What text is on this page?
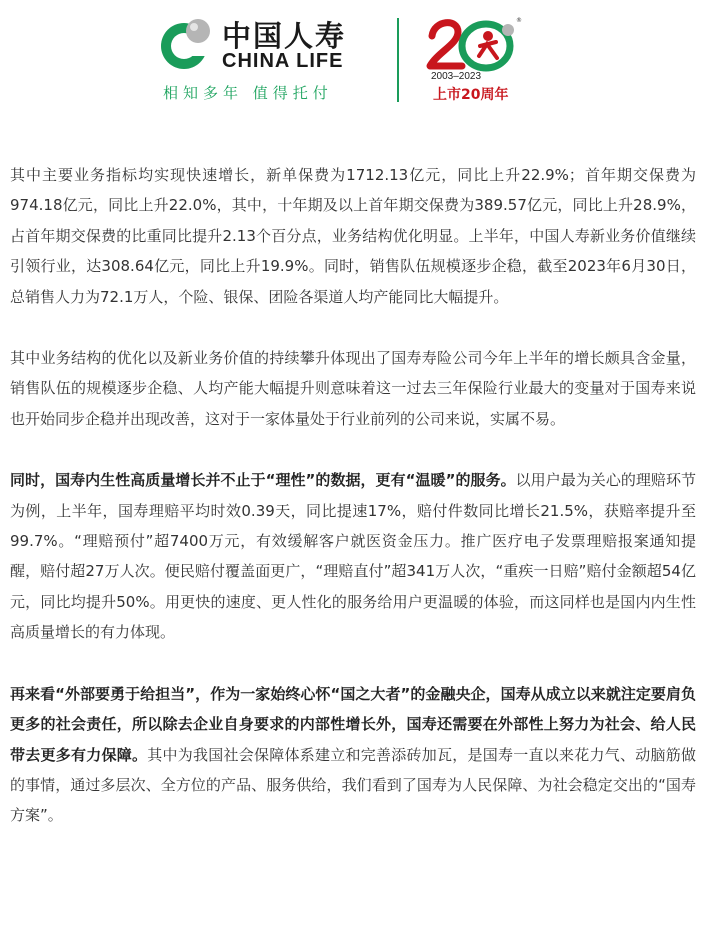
中国人寿
CHINA LIFE
相知多年 值得托付
®
2003–2023
上市20周年

其中主要业务指标均实现快速增长，新单保费为1712.13亿元，同比上升22.9%；首年期交保费为974.18亿元，同比上升22.0%，其中，十年期及以上首年期交保费为389.57亿元，同比上升28.9%，占首年期交保费的比重同比提升2.13个百分点，业务结构优化明显。上半年，中国人寿新业务价值继续引领行业，达308.64亿元，同比上升19.9%。同时，销售队伍规模逐步企稳，截至2023年6月30日，总销售人力为72.1万人，个险、银保、团险各渠道人均产能同比大幅提升。

其中业务结构的优化以及新业务价值的持续攀升体现出了国寿寿险公司今年上半年的增长颇具含金量，销售队伍的规模逐步企稳、人均产能大幅提升则意味着这一过去三年保险行业最大的变量对于国寿来说也开始同步企稳并出现改善，这对于一家体量处于行业前列的公司来说，实属不易。

同时，国寿内生性高质量增长并不止于“理性”的数据，更有“温暖”的服务。以用户最为关心的理赔环节为例，上半年，国寿理赔平均时效0.39天，同比提速17%，赔付件数同比增长21.5%，获赔率提升至99.7%。“理赔预付”超7400万元，有效缓解客户就医资金压力。推广医疗电子发票理赔报案通知提醒，赔付超27万人次。便民赔付覆盖面更广，“理赔直付”超341万人次，“重疾一日赔”赔付金额超54亿元，同比均提升50%。用更快的速度、更人性化的服务给用户更温暖的体验，而这同样也是国内内生性高质量增长的有力体现。

再来看“外部要勇于给担当”，作为一家始终心怀“国之大者”的金融央企，国寿从成立以来就注定要肩负更多的社会责任，所以除去企业自身要求的内部性增长外，国寿还需要在外部性上努力为社会、给人民带去更多有力保障。其中为我国社会保障体系建立和完善添砖加瓦，是国寿一直以来花力气、动脑筋做的事情，通过多层次、全方位的产品、服务供给，我们看到了国寿为人民保障、为社会稳定交出的“国寿方案”。
